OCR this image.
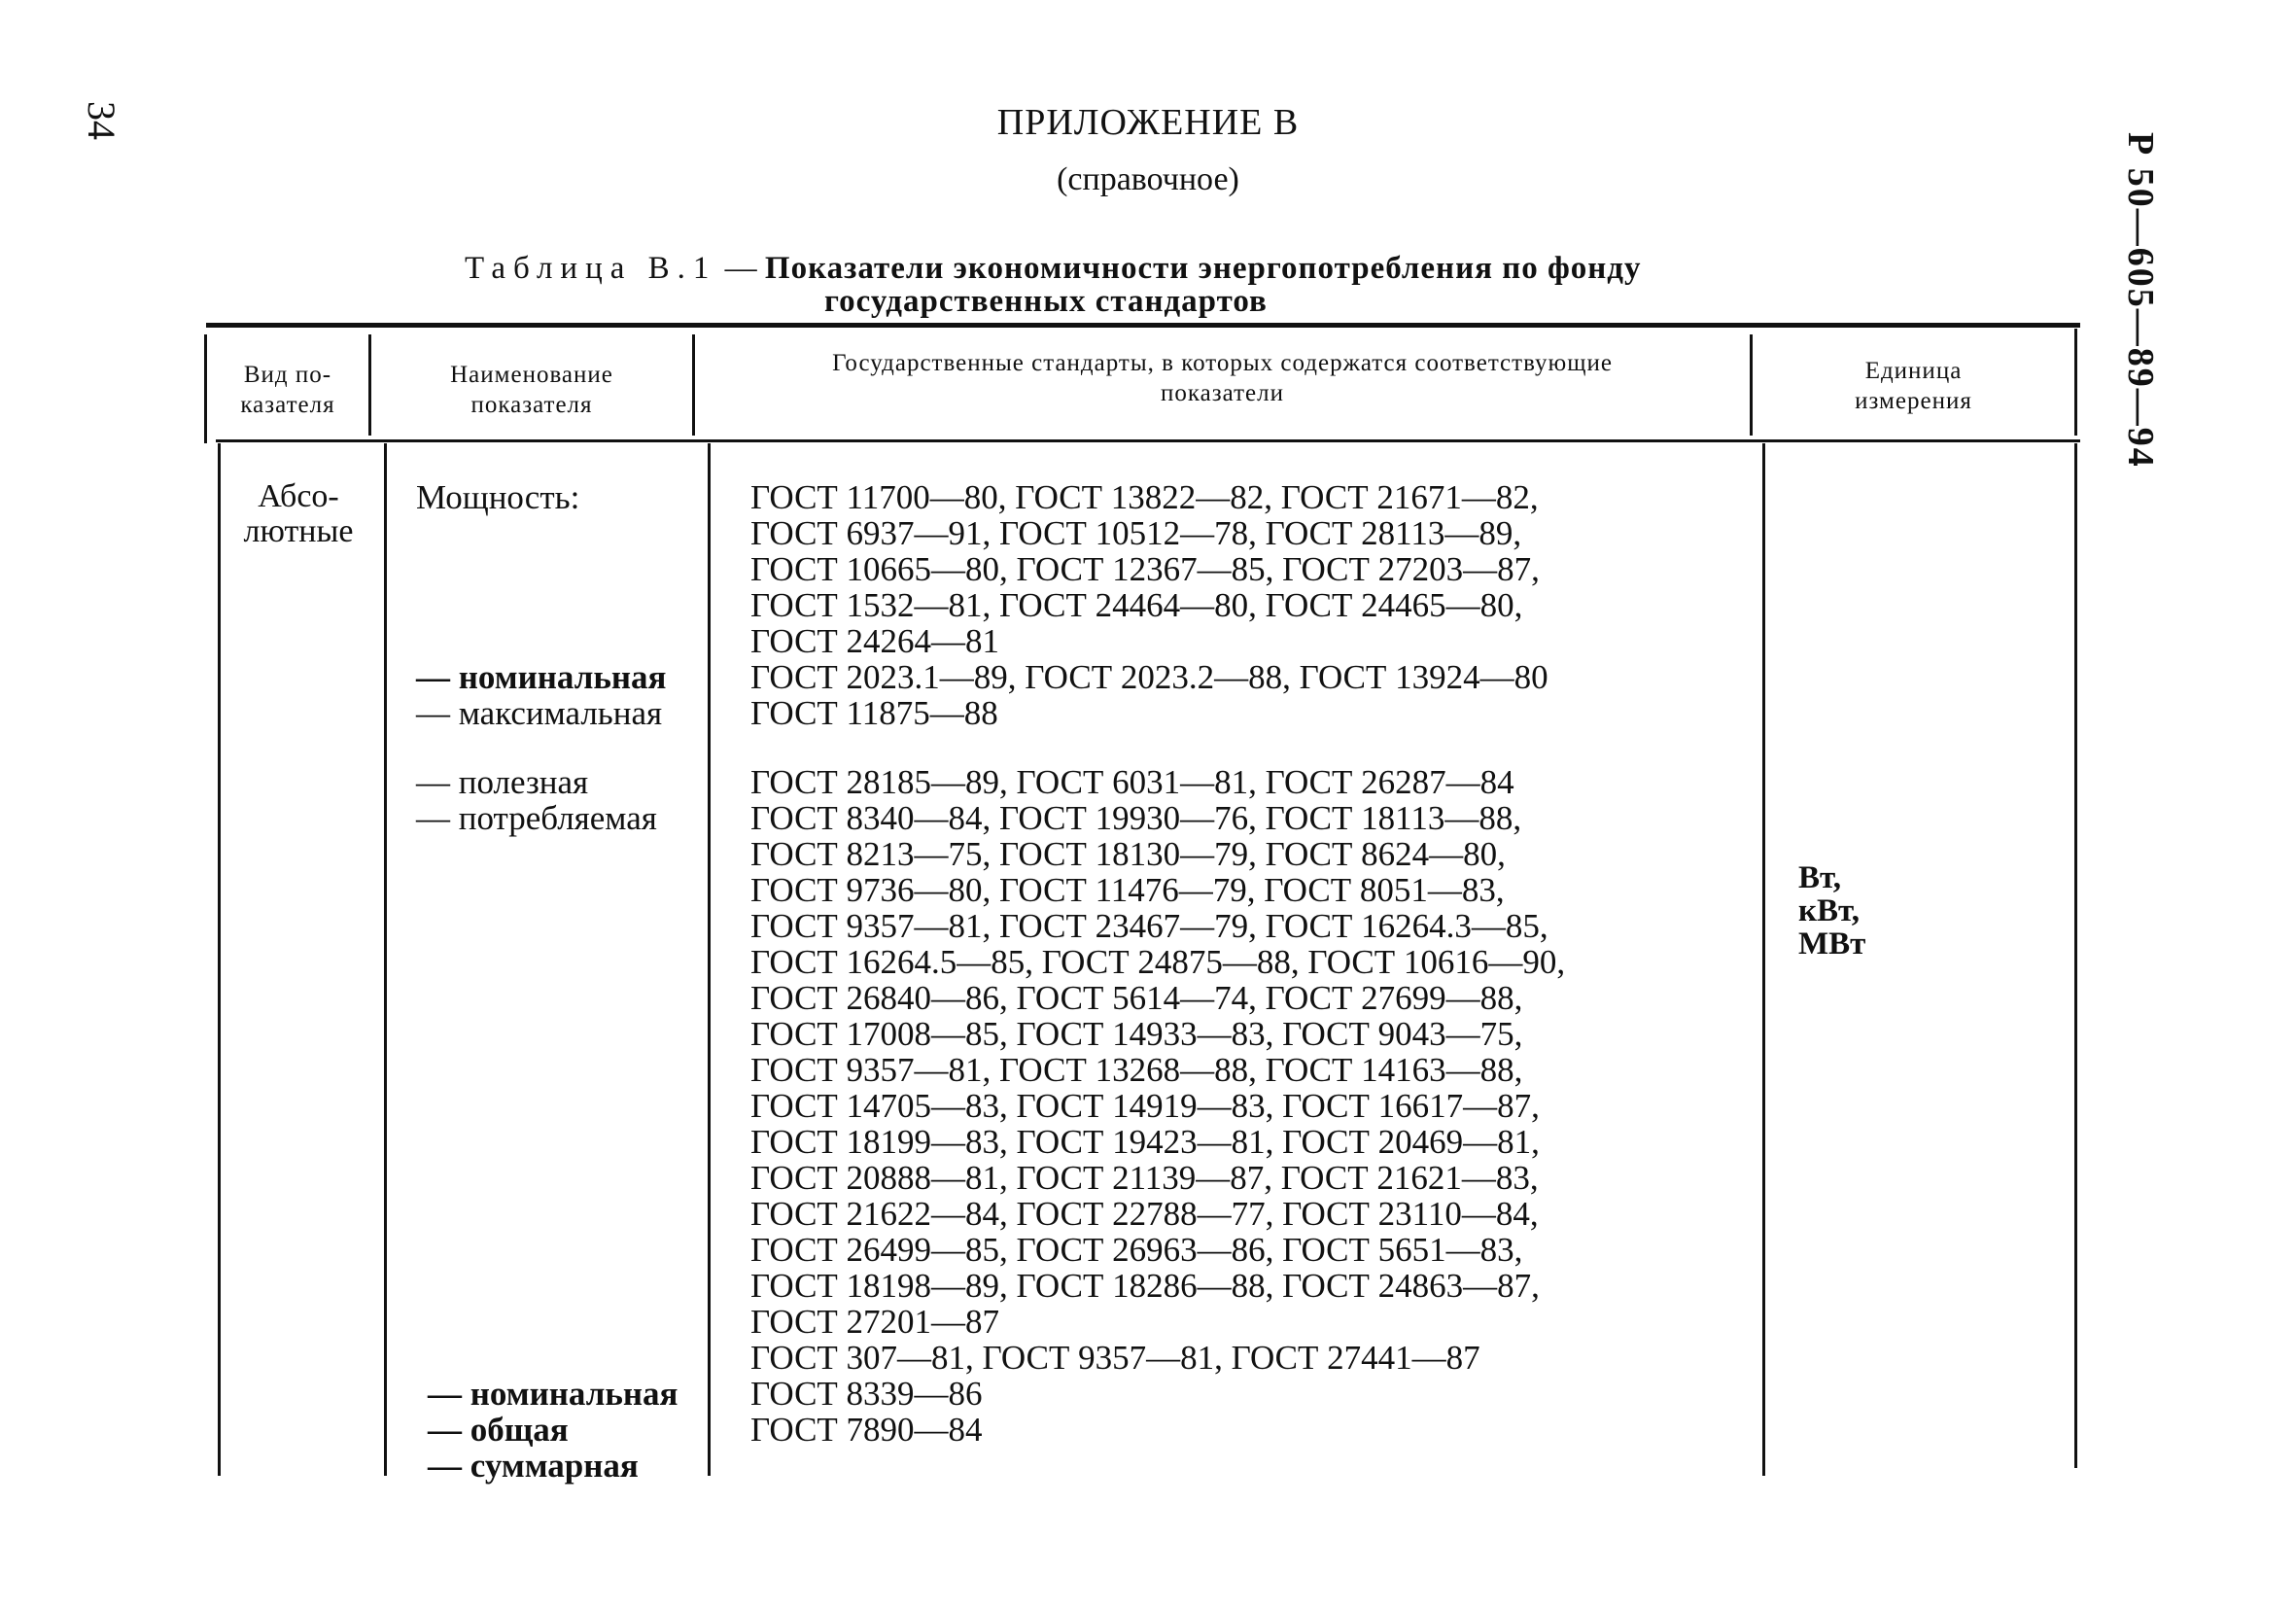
34
Р 50—605—89—94
ПРИЛОЖЕНИЕ В
(справочное)
Таблица В.1 — Показатели экономичности энергопотребления по фонду
государственных стандартов
Вид по-
казателя
Наименование
показателя
Государственные стандарты, в которых содержатся соответствующие
показатели
Единица
измерения
Абсо-
лютные
Мощность:
— номинальная
— максимальная
— полезная
— потребляемая
— номинальная
— общая
— суммарная
ГОСТ 11700—80, ГОСТ 13822—82, ГОСТ 21671—82,
ГОСТ 6937—91, ГОСТ 10512—78, ГОСТ 28113—89,
ГОСТ 10665—80, ГОСТ 12367—85, ГОСТ 27203—87,
ГОСТ 1532—81, ГОСТ 24464—80, ГОСТ 24465—80,
ГОСТ 24264—81
ГОСТ 2023.1—89, ГОСТ 2023.2—88, ГОСТ 13924—80
ГОСТ 11875—88
ГОСТ 28185—89, ГОСТ 6031—81, ГОСТ 26287—84
ГОСТ 8340—84, ГОСТ 19930—76, ГОСТ 18113—88,
ГОСТ 8213—75, ГОСТ 18130—79, ГОСТ 8624—80,
ГОСТ 9736—80, ГОСТ 11476—79, ГОСТ 8051—83,
ГОСТ 9357—81, ГОСТ 23467—79, ГОСТ 16264.3—85,
ГОСТ 16264.5—85, ГОСТ 24875—88, ГОСТ 10616—90,
ГОСТ 26840—86, ГОСТ 5614—74, ГОСТ 27699—88,
ГОСТ 17008—85, ГОСТ 14933—83, ГОСТ 9043—75,
ГОСТ 9357—81, ГОСТ 13268—88, ГОСТ 14163—88,
ГОСТ 14705—83, ГОСТ 14919—83, ГОСТ 16617—87,
ГОСТ 18199—83, ГОСТ 19423—81, ГОСТ 20469—81,
ГОСТ 20888—81, ГОСТ 21139—87, ГОСТ 21621—83,
ГОСТ 21622—84, ГОСТ 22788—77, ГОСТ 23110—84,
ГОСТ 26499—85, ГОСТ 26963—86, ГОСТ 5651—83,
ГОСТ 18198—89, ГОСТ 18286—88, ГОСТ 24863—87,
ГОСТ 27201—87
ГОСТ 307—81, ГОСТ 9357—81, ГОСТ 27441—87
ГОСТ 8339—86
ГОСТ 7890—84
Вт,
кВт,
МВт
